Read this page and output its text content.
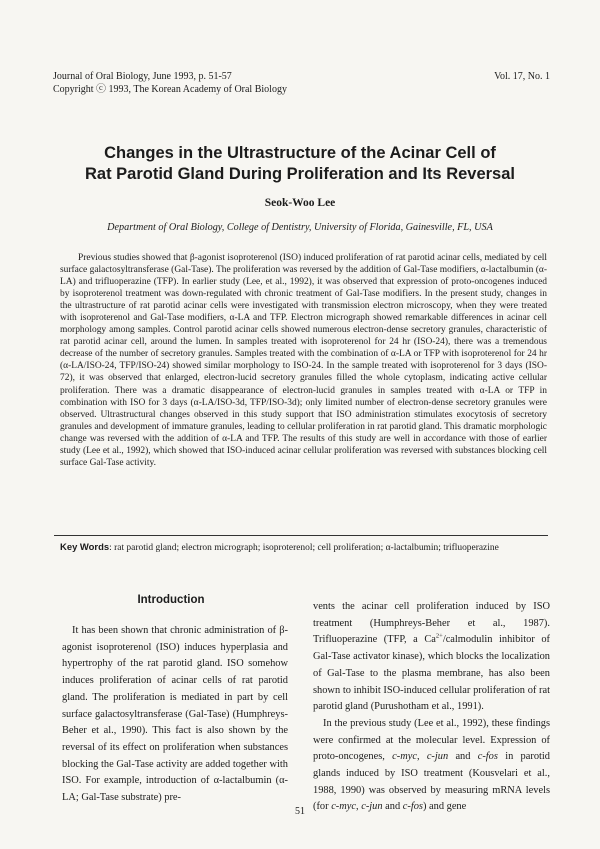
Journal of Oral Biology, June 1993, p. 51-57
Copyright ⓒ 1993, The Korean Academy of Oral Biology
Vol. 17, No. 1
Changes in the Ultrastructure of the Acinar Cell of
Rat Parotid Gland During Proliferation and Its Reversal
Seok-Woo Lee
Department of Oral Biology, College of Dentistry, University of Florida, Gainesville, FL, USA

Previous studies showed that β-agonist isoproterenol (ISO) induced proliferation of rat parotid acinar cells, mediated by cell surface galactosyltransferase (Gal-Tase). The proliferation was reversed by the addition of Gal-Tase modifiers, α-lactalbumin (α-LA) and trifluoperazine (TFP). In earlier study (Lee, et al., 1992), it was observed that expression of proto-oncogenes induced by isoproterenol treatment was down-regulated with chronic treatment of Gal-Tase modifiers. In the present study, changes in the ultrastructure of rat parotid acinar cells were investigated with transmission electron microscopy, when they were treated with isoproterenol and Gal-Tase modifiers, α-LA and TFP. Electron micrograph showed remarkable differences in acinar cell morphology among samples. Control parotid acinar cells showed numerous electron-dense secretory granules, characteristic of rat parotid acinar cell, around the lumen. In samples treated with isoproterenol for 24 hr (ISO-24), there was a tremendous decrease of the number of secretory granules. Samples treated with the combination of α-LA or TFP with isoproterenol for 24 hr (α-LA/ISO-24, TFP/ISO-24) showed similar morphology to ISO-24. In the sample treated with isoproterenol for 3 days (ISO-72), it was observed that enlarged, electron-lucid secretory granules filled the whole cytoplasm, indicating active cellular proliferation. There was a dramatic disappearance of electron-lucid granules in samples treated with α-LA or TFP in combination with ISO for 3 days (α-LA/ISO-3d, TFP/ISO-3d); only limited number of electron-dense secretory granules were observed. Ultrastructural changes observed in this study support that ISO administration stimulates exocytosis of secretory granules and development of immature granules, leading to cellular proliferation in rat parotid gland. This dramatic morphologic change was reversed with the addition of α-LA and TFP. The results of this study are well in accordance with those of earlier study (Lee et al., 1992), which showed that ISO-induced acinar cellular proliferation was reversed with substances blocking cell surface Gal-Tase activity.

Key Words: rat parotid gland; electron micrograph; isoproterenol; cell proliferation; α-lactalbumin; trifluoperazine

Introduction

It has been shown that chronic administration of β-agonist isoproterenol (ISO) induces hyperplasia and hypertrophy of the rat parotid gland. ISO somehow induces proliferation of acinar cells of rat parotid gland. The proliferation is mediated in part by cell surface galactosyltransferase (Gal-Tase) (Humphreys-Beher et al., 1990). This fact is also shown by the reversal of its effect on proliferation when substances blocking the Gal-Tase activity are added together with ISO. For example, introduction of α-lactalbumin (α-LA; Gal-Tase substrate) pre-

vents the acinar cell proliferation induced by ISO treatment (Humphreys-Beher et al., 1987). Trifluoperazine (TFP, a $Ca^{2+}$/calmodulin inhibitor of Gal-Tase activator kinase), which blocks the localization of Gal-Tase to the plasma membrane, has also been shown to inhibit ISO-induced cellular proliferation of rat parotid gland (Purushotham et al., 1991).

In the previous study (Lee et al., 1992), these findings were confirmed at the molecular level. Expression of proto-oncogenes, c-myc, c-jun and c-fos in parotid glands induced by ISO treatment (Kousvelari et al., 1988, 1990) was observed by measuring mRNA levels (for c-myc, c-jun and c-fos) and gene

51
